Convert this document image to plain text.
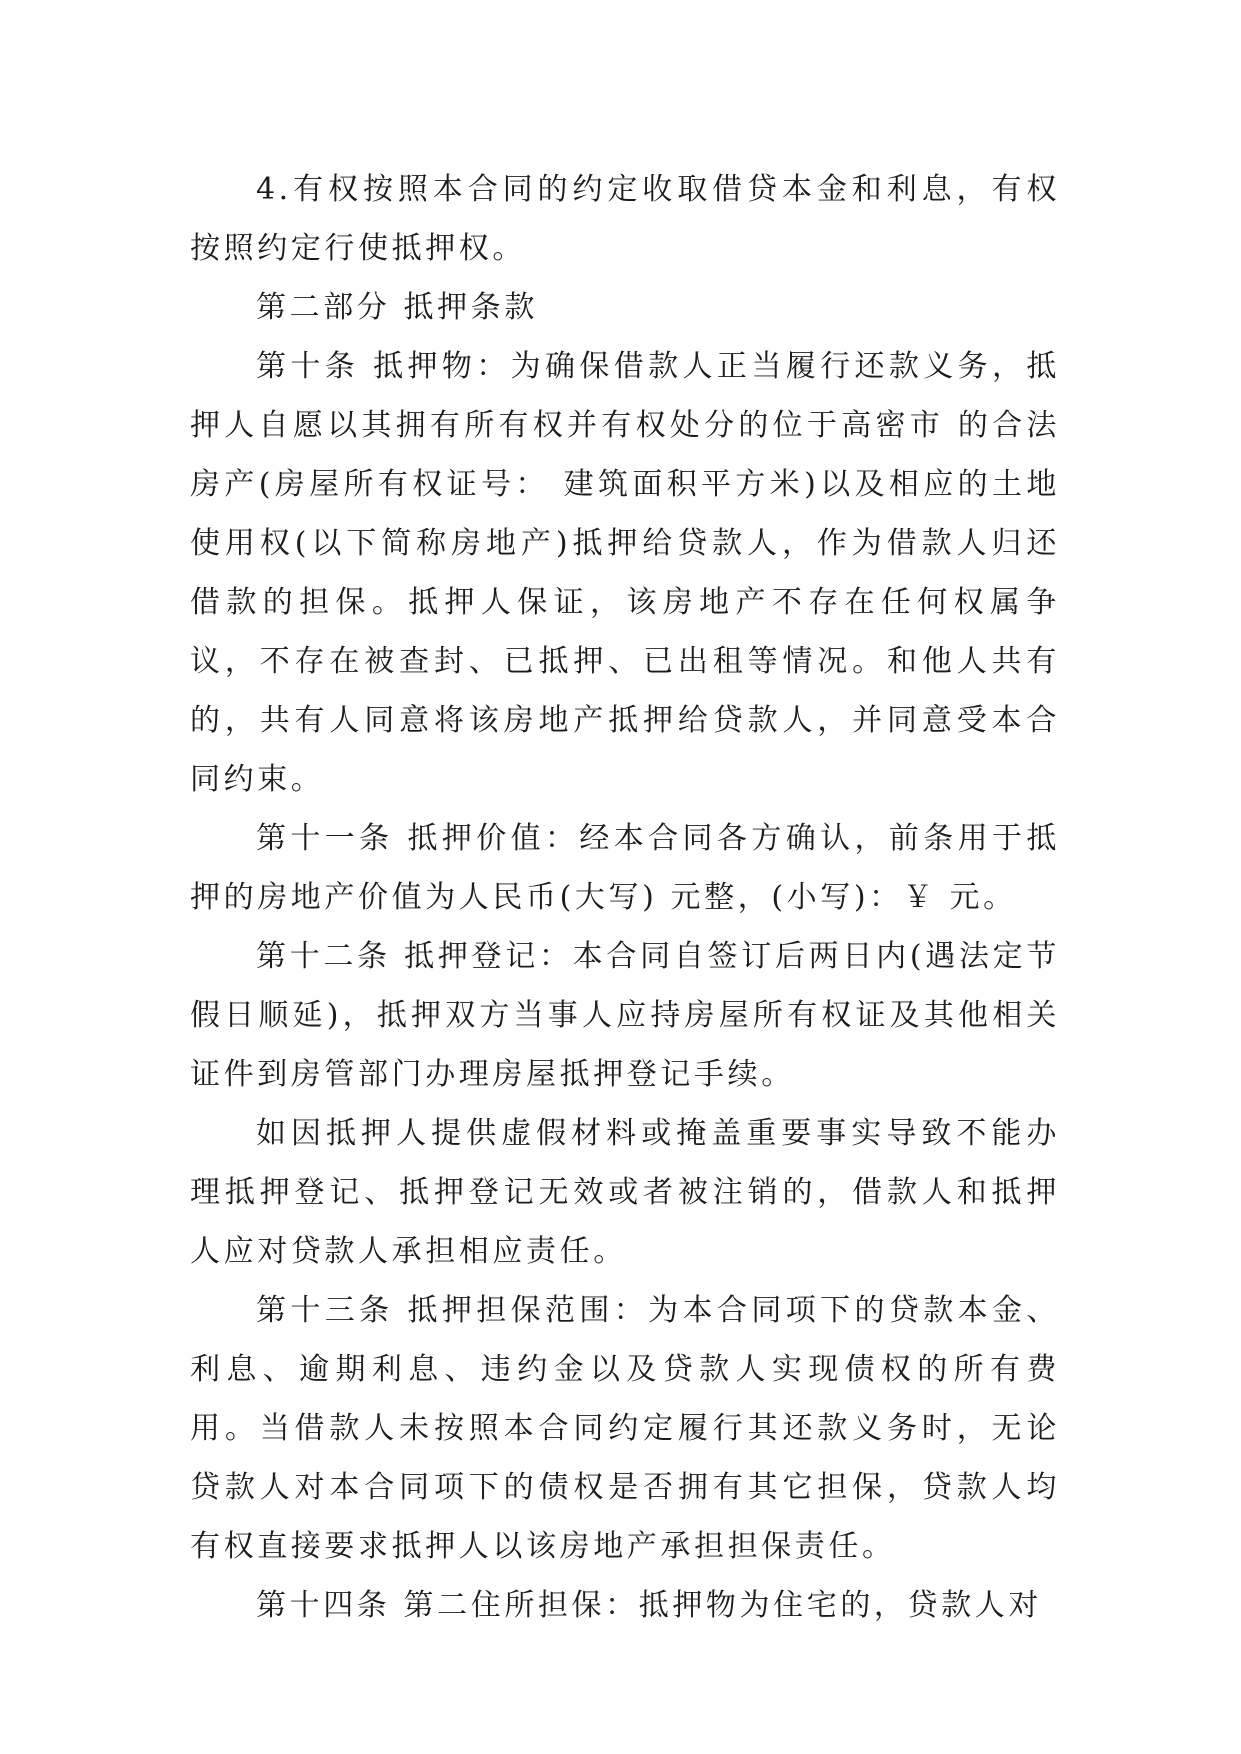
4.有权按照本合同的约定收取借贷本金和利息，有权按照约定行使抵押权。

第二部分 抵押条款

第十条 抵押物：为确保借款人正当履行还款义务，抵押人自愿以其拥有所有权并有权处分的位于高密市 的合法房产(房屋所有权证号： 建筑面积平方米)以及相应的土地使用权(以下简称房地产)抵押给贷款人，作为借款人归还借款的担保。抵押人保证，该房地产不存在任何权属争议，不存在被查封、已抵押、已出租等情况。和他人共有的，共有人同意将该房地产抵押给贷款人，并同意受本合同约束。

第十一条 抵押价值：经本合同各方确认，前条用于抵押的房地产价值为人民币(大写) 元整，(小写)：￥ 元。

第十二条 抵押登记：本合同自签订后两日内(遇法定节假日顺延)，抵押双方当事人应持房屋所有权证及其他相关证件到房管部门办理房屋抵押登记手续。

如因抵押人提供虚假材料或掩盖重要事实导致不能办理抵押登记、抵押登记无效或者被注销的，借款人和抵押人应对贷款人承担相应责任。

第十三条 抵押担保范围：为本合同项下的贷款本金、利息、逾期利息、违约金以及贷款人实现债权的所有费用。当借款人未按照本合同约定履行其还款义务时，无论贷款人对本合同项下的债权是否拥有其它担保，贷款人均有权直接要求抵押人以该房地产承担担保责任。

第十四条 第二住所担保：抵押物为住宅的，贷款人对
